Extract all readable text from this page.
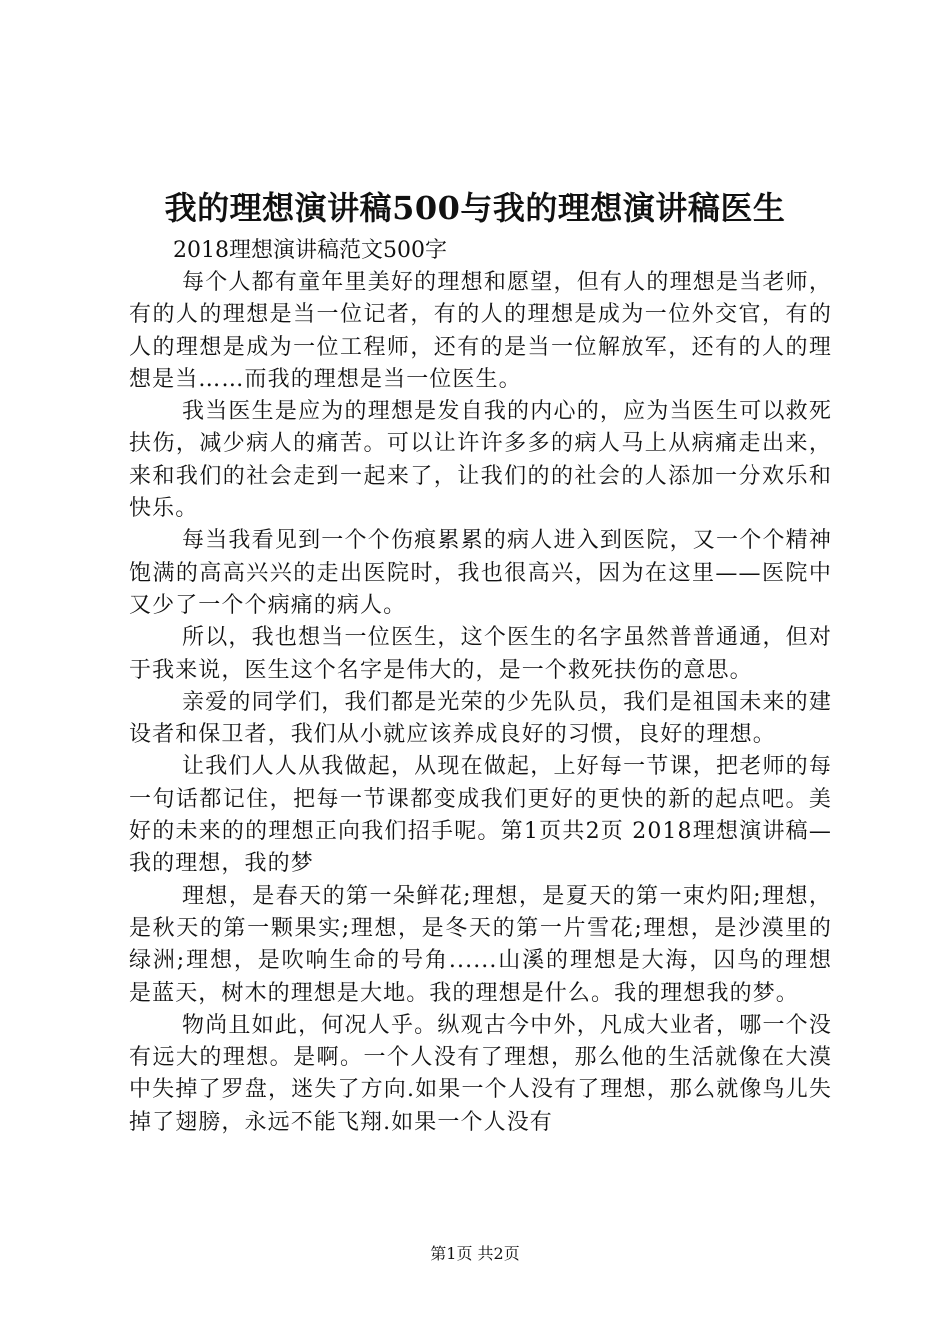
我的理想演讲稿500与我的理想演讲稿医生

2018理想演讲稿范文500字

每个人都有童年里美好的理想和愿望，但有人的理想是当老师，有的人的理想是当一位记者，有的人的理想是成为一位外交官，有的人的理想是成为一位工程师，还有的是当一位解放军，还有的人的理想是当……而我的理想是当一位医生。

我当医生是应为的理想是发自我的内心的，应为当医生可以救死扶伤，减少病人的痛苦。可以让许许多多的病人马上从病痛走出来，来和我们的社会走到一起来了，让我们的的社会的人添加一分欢乐和快乐。

每当我看见到一个个伤痕累累的病人进入到医院，又一个个精神饱满的高高兴兴的走出医院时，我也很高兴，因为在这里——医院中又少了一个个病痛的病人。

所以，我也想当一位医生，这个医生的名字虽然普普通通，但对于我来说，医生这个名字是伟大的，是一个救死扶伤的意思。

亲爱的同学们，我们都是光荣的少先队员，我们是祖国未来的建设者和保卫者，我们从小就应该养成良好的习惯，良好的理想。

让我们人人从我做起，从现在做起，上好每一节课，把老师的每一句话都记住，把每一节课都变成我们更好的更快的新的起点吧。美好的未来的的理想正向我们招手呢。第1页共2页 2018理想演讲稿—我的理想，我的梦

理想，是春天的第一朵鲜花;理想，是夏天的第一束灼阳;理想，是秋天的第一颗果实;理想，是冬天的第一片雪花;理想，是沙漠里的绿洲;理想，是吹响生命的号角......山溪的理想是大海，囚鸟的理想是蓝天，树木的理想是大地。我的理想是什么。我的理想我的梦。

物尚且如此，何况人乎。纵观古今中外，凡成大业者，哪一个没有远大的理想。是啊。一个人没有了理想，那么他的生活就像在大漠中失掉了罗盘，迷失了方向.如果一个人没有了理想，那么就像鸟儿失掉了翅膀，永远不能飞翔.如果一个人没有

第1页 共2页
